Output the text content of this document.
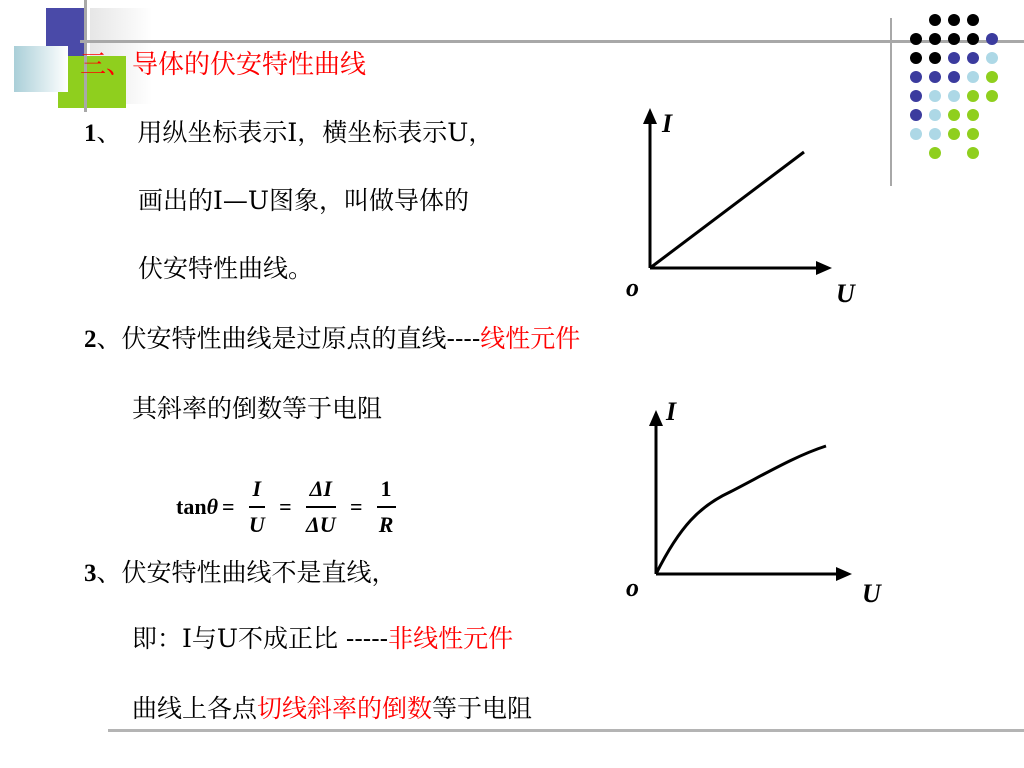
三、导体的伏安特性曲线
1、 用纵坐标表示I，横坐标表示U，
画出的I—U图象，叫做导体的
伏安特性曲线。
2、伏安特性曲线是过原点的直线----线性元件
其斜率的倒数等于电阻
$\tan \theta = \frac{I}{U} = \frac{\Delta I}{\Delta U} = \frac{1}{R}$
3、伏安特性曲线不是直线，
即：I与U不成正比 -----非线性元件
曲线上各点切线斜率的倒数等于电阻
I
U
o
I
U
o
